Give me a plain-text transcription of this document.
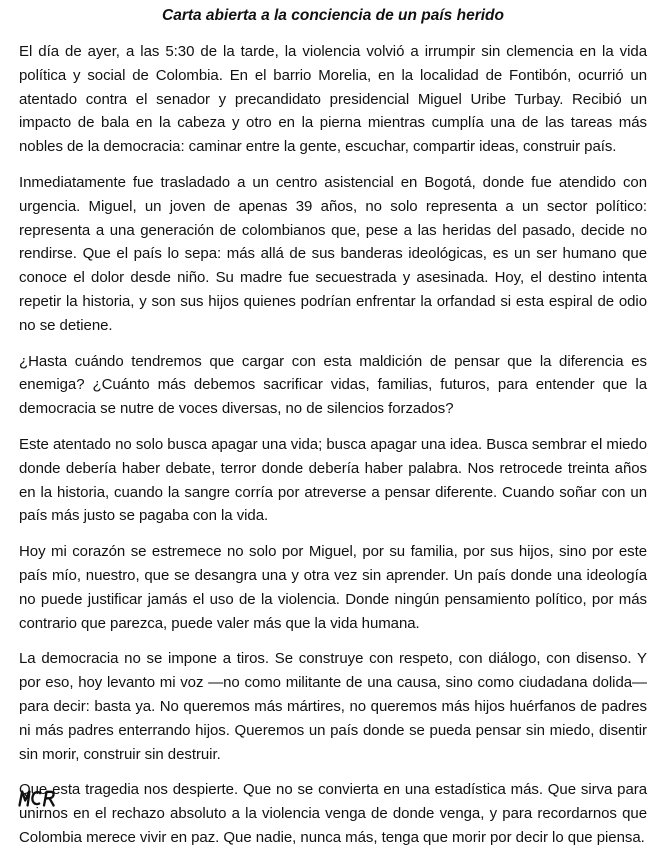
Carta abierta a la conciencia de un país herido

El día de ayer, a las 5:30 de la tarde, la violencia volvió a irrumpir sin clemencia en la vida política y social de Colombia. En el barrio Morelia, en la localidad de Fontibón, ocurrió un atentado contra el senador y precandidato presidencial Miguel Uribe Turbay. Recibió un impacto de bala en la cabeza y otro en la pierna mientras cumplía una de las tareas más nobles de la democracia: caminar entre la gente, escuchar, compartir ideas, construir país.

Inmediatamente fue trasladado a un centro asistencial en Bogotá, donde fue atendido con urgencia. Miguel, un joven de apenas 39 años, no solo representa a un sector político: representa a una generación de colombianos que, pese a las heridas del pasado, decide no rendirse. Que el país lo sepa: más allá de sus banderas ideológicas, es un ser humano que conoce el dolor desde niño. Su madre fue secuestrada y asesinada. Hoy, el destino intenta repetir la historia, y son sus hijos quienes podrían enfrentar la orfandad si esta espiral de odio no se detiene.

¿Hasta cuándo tendremos que cargar con esta maldición de pensar que la diferencia es enemiga? ¿Cuánto más debemos sacrificar vidas, familias, futuros, para entender que la democracia se nutre de voces diversas, no de silencios forzados?

Este atentado no solo busca apagar una vida; busca apagar una idea. Busca sembrar el miedo donde debería haber debate, terror donde debería haber palabra. Nos retrocede treinta años en la historia, cuando la sangre corría por atreverse a pensar diferente. Cuando soñar con un país más justo se pagaba con la vida.

Hoy mi corazón se estremece no solo por Miguel, por su familia, por sus hijos, sino por este país mío, nuestro, que se desangra una y otra vez sin aprender. Un país donde una ideología no puede justificar jamás el uso de la violencia. Donde ningún pensamiento político, por más contrario que parezca, puede valer más que la vida humana.

La democracia no se impone a tiros. Se construye con respeto, con diálogo, con disenso. Y por eso, hoy levanto mi voz —no como militante de una causa, sino como ciudadana dolida— para decir: basta ya. No queremos más mártires, no queremos más hijos huérfanos de padres ni más padres enterrando hijos. Queremos un país donde se pueda pensar sin miedo, disentir sin morir, construir sin destruir.

Que esta tragedia nos despierte. Que no se convierta en una estadística más. Que sirva para unirnos en el rechazo absoluto a la violencia venga de donde venga, y para recordarnos que Colombia merece vivir en paz. Que nadie, nunca más, tenga que morir por decir lo que piensa.
